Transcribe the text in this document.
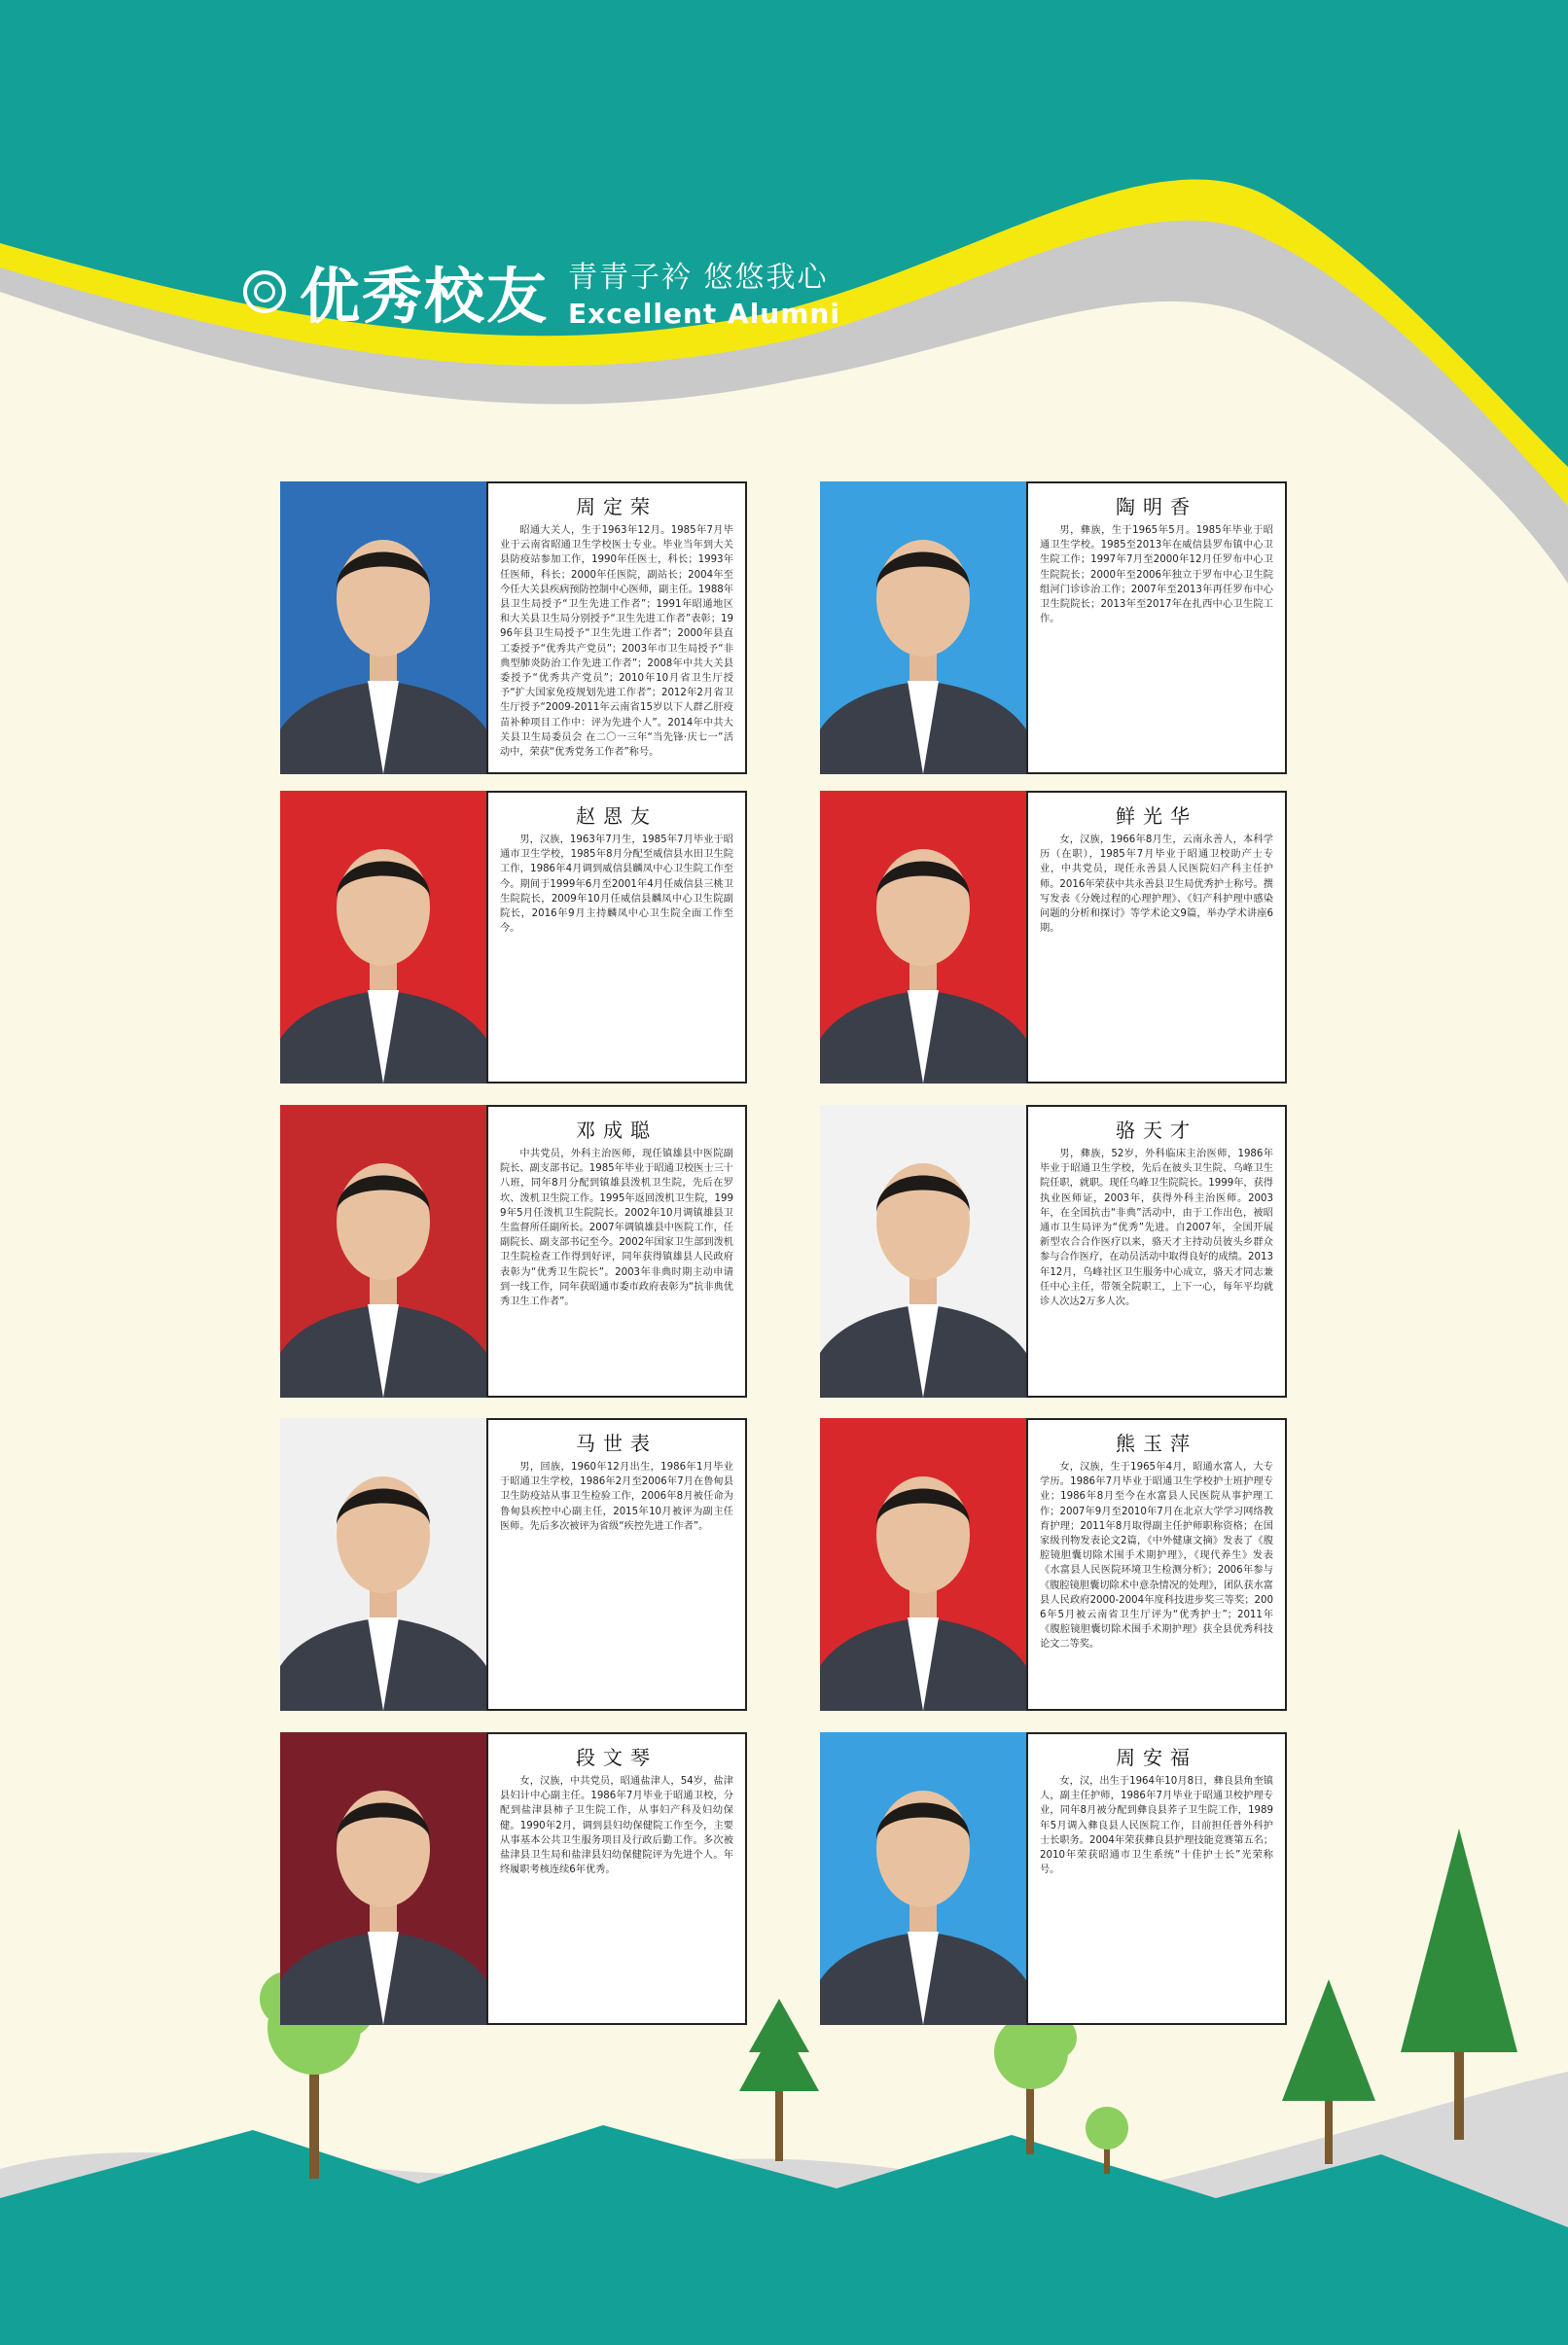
优秀校友 青青子衿 悠悠我心
Excellent Alumni
周定荣
昭通大关人，生于1963年12月。1985年7月毕业于云南省昭通卫生学校医士专业。毕业当年到大关县防疫站参加工作，1990年任医士，科长；1993年任医师，科长；2000年任医院，副站长；2004年至今任大关县疾病预防控制中心医师，副主任。1988年县卫生局授予“卫生先进工作者”；1991年昭通地区和大关县卫生局分别授予“卫生先进工作者”表彰；1996年县卫生局授予“卫生先进工作者”；2000年县直工委授予“优秀共产党员”；2003年市卫生局授予“非典型肺炎防治工作先进工作者”；2008年中共大关县委授予“优秀共产党员”；2010年10月省卫生厅授予“扩大国家免疫规划先进工作者”；2012年2月省卫生厅授予“2009-2011年云南省15岁以下人群乙肝疫苗补种项目工作中：评为先进个人”。2014年中共大关县卫生局委员会 在二〇一三年“当先锋·庆七一”活动中，荣获“优秀党务工作者”称号。
陶明香
男，彝族，生于1965年5月。1985年毕业于昭通卫生学校。1985至2013年在威信县罗布镇中心卫生院工作；1997年7月至2000年12月任罗布中心卫生院院长；2000年至2006年独立于罗布中心卫生院组河门诊诊治工作；2007年至2013年再任罗布中心卫生院院长；2013年至2017年在扎西中心卫生院工作。
赵恩友
男，汉族，1963年7月生，1985年7月毕业于昭通市卫生学校，1985年8月分配至威信县水田卫生院工作，1986年4月调到威信县麟凤中心卫生院工作至今。期间于1999年6月至2001年4月任威信县三桃卫生院院长，2009年10月任威信县麟凤中心卫生院副院长，2016年9月主持麟凤中心卫生院全面工作至今。
鲜光华
女，汉族，1966年8月生，云南永善人，本科学历（在职），1985年7月毕业于昭通卫校助产士专业，中共党员，现任永善县人民医院妇产科主任护师。2016年荣获中共永善县卫生局优秀护士称号。撰写发表《分娩过程的心理护理》、《妇产科护理中感染问题的分析和探讨》等学术论文9篇，举办学术讲座6期。
邓成聪
中共党员，外科主治医师，现任镇雄县中医院副院长、副支部书记。1985年毕业于昭通卫校医士三十八班，同年8月分配到镇雄县泼机卫生院，先后在罗坎、泼机卫生院工作。1995年返回泼机卫生院，1999年5月任泼机卫生院院长。2002年10月调镇雄县卫生监督所任副所长。2007年调镇雄县中医院工作，任副院长、副支部书记至今。2002年国家卫生部到泼机卫生院检查工作得到好评，同年获得镇雄县人民政府表彰为“优秀卫生院长”。2003年非典时期主动申请到一线工作，同年获昭通市委市政府表彰为“抗非典优秀卫生工作者”。
骆天才
男，彝族，52岁，外科临床主治医师，1986年毕业于昭通卫生学校，先后在彼头卫生院、乌峰卫生院任职，就职。现任乌峰卫生院院长。1999年，获得执业医师证，2003年，获得外科主治医师。2003年，在全国抗击“非典”活动中，由于工作出色，被昭通市卫生局评为“优秀”先进。自2007年，全国开展新型农合合作医疗以来，骆天才主持动员彼头乡群众参与合作医疗，在动员活动中取得良好的成绩。2013年12月，乌峰社区卫生服务中心成立，骆天才同志兼任中心主任，带领全院职工，上下一心，每年平均就诊人次达2万多人次。
马世表
男，回族，1960年12月出生，1986年1月毕业于昭通卫生学校，1986年2月至2006年7月在鲁甸县卫生防疫站从事卫生检验工作，2006年8月被任命为鲁甸县疾控中心副主任，2015年10月被评为副主任医师。先后多次被评为省级“疾控先进工作者”。
熊玉萍
女，汉族，生于1965年4月，昭通水富人，大专学历。1986年7月毕业于昭通卫生学校护士班护理专业；1986年8月至今在水富县人民医院从事护理工作；2007年9月至2010年7月在北京大学学习网络教育护理；2011年8月取得副主任护师职称资格；在国家级刊物发表论文2篇，《中外健康文摘》发表了《腹腔镜胆囊切除术围手术期护理》，《现代养生》发表《水富县人民医院环境卫生检测分析》；2006年参与《腹腔镜胆囊切除术中意杂情况的处理》，团队获水富县人民政府2000-2004年度科技进步奖三等奖；2006年5月被云南省卫生厅评为“优秀护士”；2011年《腹腔镜胆囊切除术围手术期护理》获全县优秀科技论文二等奖。
段文琴
女，汉族，中共党员，昭通盐津人，54岁，盐津县妇计中心副主任。1986年7月毕业于昭通卫校，分配到盐津县柿子卫生院工作，从事妇产科及妇幼保健。1990年2月，调到县妇幼保健院工作至今，主要从事基本公共卫生服务项目及行政后勤工作。多次被盐津县卫生局和盐津县妇幼保健院评为先进个人。年终履职考核连续6年优秀。
周安福
女，汉，出生于1964年10月8日，彝良县角奎镇人，副主任护师，1986年7月毕业于昭通卫校护理专业，同年8月被分配到彝良县荞子卫生院工作，1989年5月调入彝良县人民医院工作，目前担任普外科护士长职务。2004年荣获彝良县护理技能竞赛第五名；2010年荣获昭通市卫生系统“十佳护士长”光荣称号。
